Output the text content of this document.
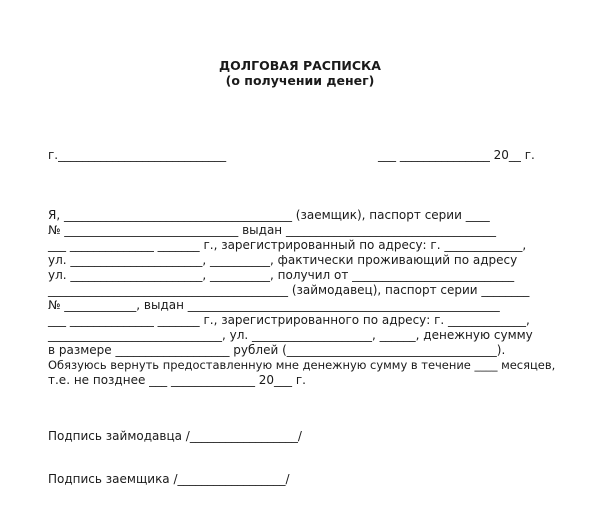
ДОЛГОВАЯ РАСПИСКА
(о получении денег)
г.____________________________	___ _______________ 20__ г.
Я, ______________________________________ (заемщик), паспорт серии ____
№ _____________________________ выдан ___________________________________
___ ______________ _______ г., зарегистрированный по адресу: г. _____________,
ул. ______________________, __________, фактически проживающий по адресу
ул. ______________________, __________, получил от ___________________________
________________________________________ (займодавец), паспорт серии ________
№ ____________, выдан ____________________________________________________
___ ______________ _______ г., зарегистрированного по адресу: г. _____________,
_____________________________, ул. ____________________, ______, денежную сумму
в размере ___________________ рублей (___________________________________).
Обязуюсь вернуть предоставленную мне денежную сумму в течение ____ месяцев,
т.е. не позднее ___ ______________ 20___ г.
Подпись займодавца /__________________/
Подпись заемщика /__________________/
